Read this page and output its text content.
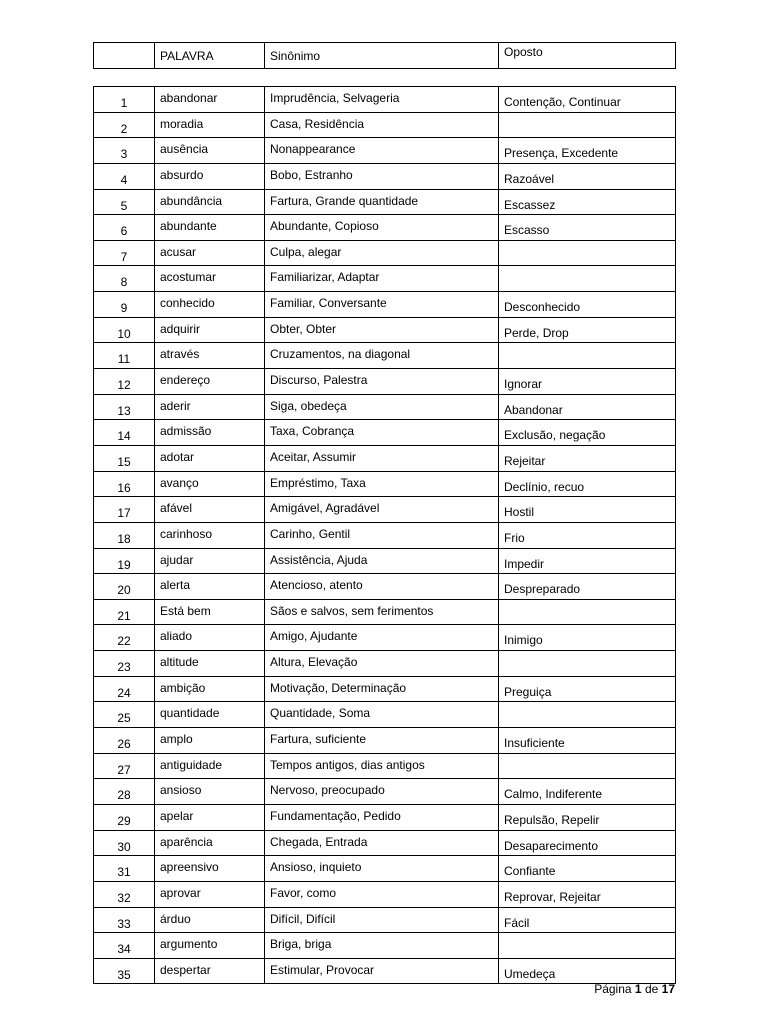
	PALAVRA	Sinônimo	Oposto
1	abandonar	Imprudência, Selvageria	Contenção, Continuar
2	moradia	Casa, Residência	
3	ausência	Nonappearance	Presença, Excedente
4	absurdo	Bobo, Estranho	Razoável
5	abundância	Fartura, Grande quantidade	Escassez
6	abundante	Abundante, Copioso	Escasso
7	acusar	Culpa, alegar	
8	acostumar	Familiarizar, Adaptar	
9	conhecido	Familiar, Conversante	Desconhecido
10	adquirir	Obter, Obter	Perde, Drop
11	através	Cruzamentos, na diagonal	
12	endereço	Discurso, Palestra	Ignorar
13	aderir	Siga, obedeça	Abandonar
14	admissão	Taxa, Cobrança	Exclusão, negação
15	adotar	Aceitar, Assumir	Rejeitar
16	avanço	Empréstimo, Taxa	Declínio, recuo
17	afável	Amigável, Agradável	Hostil
18	carinhoso	Carinho, Gentil	Frio
19	ajudar	Assistência, Ajuda	Impedir
20	alerta	Atencioso, atento	Despreparado
21	Está bem	Sãos e salvos, sem ferimentos	
22	aliado	Amigo, Ajudante	Inimigo
23	altitude	Altura, Elevação	
24	ambição	Motivação, Determinação	Preguiça
25	quantidade	Quantidade, Soma	
26	amplo	Fartura, suficiente	Insuficiente
27	antiguidade	Tempos antigos, dias antigos	
28	ansioso	Nervoso, preocupado	Calmo, Indiferente
29	apelar	Fundamentação, Pedido	Repulsão, Repelir
30	aparência	Chegada, Entrada	Desaparecimento
31	apreensivo	Ansioso, inquieto	Confiante
32	aprovar	Favor, como	Reprovar, Rejeitar
33	árduo	Difícil, Difícil	Fácil
34	argumento	Briga, briga	
35	despertar	Estimular, Provocar	Umedeça
Página 1 de 17
